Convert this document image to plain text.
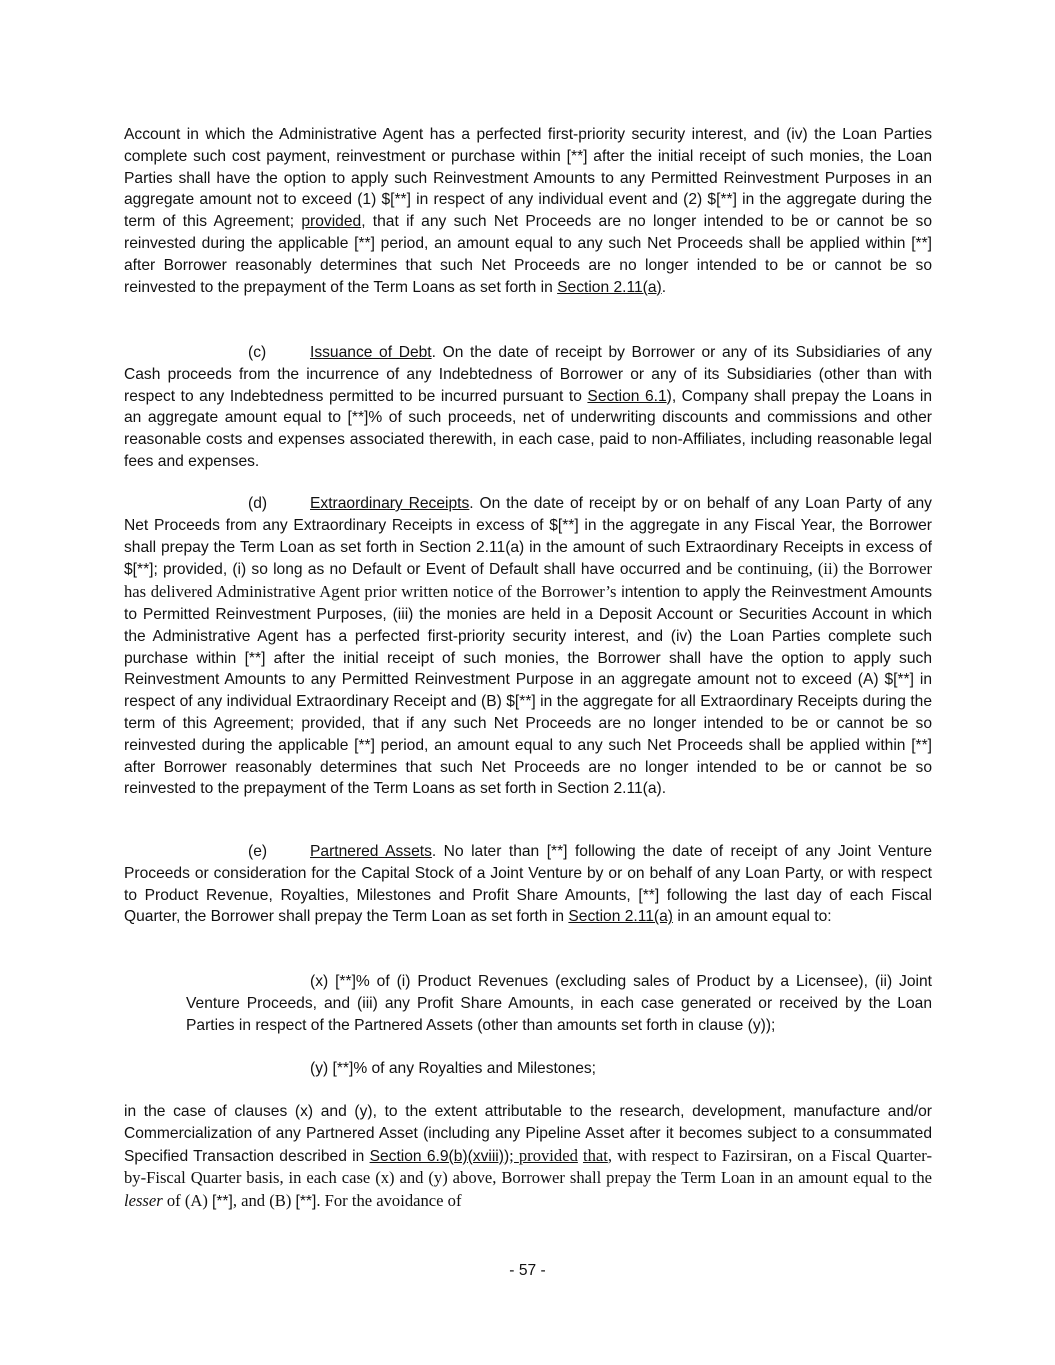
Account in which the Administrative Agent has a perfected first-priority security interest, and (iv) the Loan Parties complete such cost payment, reinvestment or purchase within [**] after the initial receipt of such monies, the Loan Parties shall have the option to apply such Reinvestment Amounts to any Permitted Reinvestment Purposes in an aggregate amount not to exceed (1) $[**] in respect of any individual event and (2) $[**] in the aggregate during the term of this Agreement; provided, that if any such Net Proceeds are no longer intended to be or cannot be so reinvested during the applicable [**] period, an amount equal to any such Net Proceeds shall be applied within [**] after Borrower reasonably determines that such Net Proceeds are no longer intended to be or cannot be so reinvested to the prepayment of the Term Loans as set forth in Section 2.11(a).

(c)	Issuance of Debt. On the date of receipt by Borrower or any of its Subsidiaries of any Cash proceeds from the incurrence of any Indebtedness of Borrower or any of its Subsidiaries (other than with respect to any Indebtedness permitted to be incurred pursuant to Section 6.1), Company shall prepay the Loans in an aggregate amount equal to [**]% of such proceeds, net of underwriting discounts and commissions and other reasonable costs and expenses associated therewith, in each case, paid to non-Affiliates, including reasonable legal fees and expenses.

(d)	Extraordinary Receipts. On the date of receipt by or on behalf of any Loan Party of any Net Proceeds from any Extraordinary Receipts in excess of $[**] in the aggregate in any Fiscal Year, the Borrower shall prepay the Term Loan as set forth in Section 2.11(a) in the amount of such Extraordinary Receipts in excess of $[**]; provided, (i) so long as no Default or Event of Default shall have occurred and be continuing, (ii) the Borrower has delivered Administrative Agent prior written notice of the Borrower’s intention to apply the Reinvestment Amounts to Permitted Reinvestment Purposes, (iii) the monies are held in a Deposit Account or Securities Account in which the Administrative Agent has a perfected first-priority security interest, and (iv) the Loan Parties complete such purchase within [**] after the initial receipt of such monies, the Borrower shall have the option to apply such Reinvestment Amounts to any Permitted Reinvestment Purpose in an aggregate amount not to exceed (A) $[**] in respect of any individual Extraordinary Receipt and (B) $[**] in the aggregate for all Extraordinary Receipts during the term of this Agreement; provided, that if any such Net Proceeds are no longer intended to be or cannot be so reinvested during the applicable [**] period, an amount equal to any such Net Proceeds shall be applied within [**] after Borrower reasonably determines that such Net Proceeds are no longer intended to be or cannot be so reinvested to the prepayment of the Term Loans as set forth in Section 2.11(a).

(e)	Partnered Assets. No later than [**] following the date of receipt of any Joint Venture Proceeds or consideration for the Capital Stock of a Joint Venture by or on behalf of any Loan Party, or with respect to Product Revenue, Royalties, Milestones and Profit Share Amounts, [**] following the last day of each Fiscal Quarter, the Borrower shall prepay the Term Loan as set forth in Section 2.11(a) in an amount equal to:

(x) [**]% of (i) Product Revenues (excluding sales of Product by a Licensee), (ii) Joint Venture Proceeds, and (iii) any Profit Share Amounts, in each case generated or received by the Loan Parties in respect of the Partnered Assets (other than amounts set forth in clause (y));

(y) [**]% of any Royalties and Milestones;

in the case of clauses (x) and (y), to the extent attributable to the research, development, manufacture and/or Commercialization of any Partnered Asset (including any Pipeline Asset after it becomes subject to a consummated Specified Transaction described in Section 6.9(b)(xviii)); provided that, with respect to Fazirsiran, on a Fiscal Quarter-by-Fiscal Quarter basis, in each case (x) and (y) above, Borrower shall prepay the Term Loan in an amount equal to the lesser of (A) [**], and (B) [**]. For the avoidance of

- 57 -
